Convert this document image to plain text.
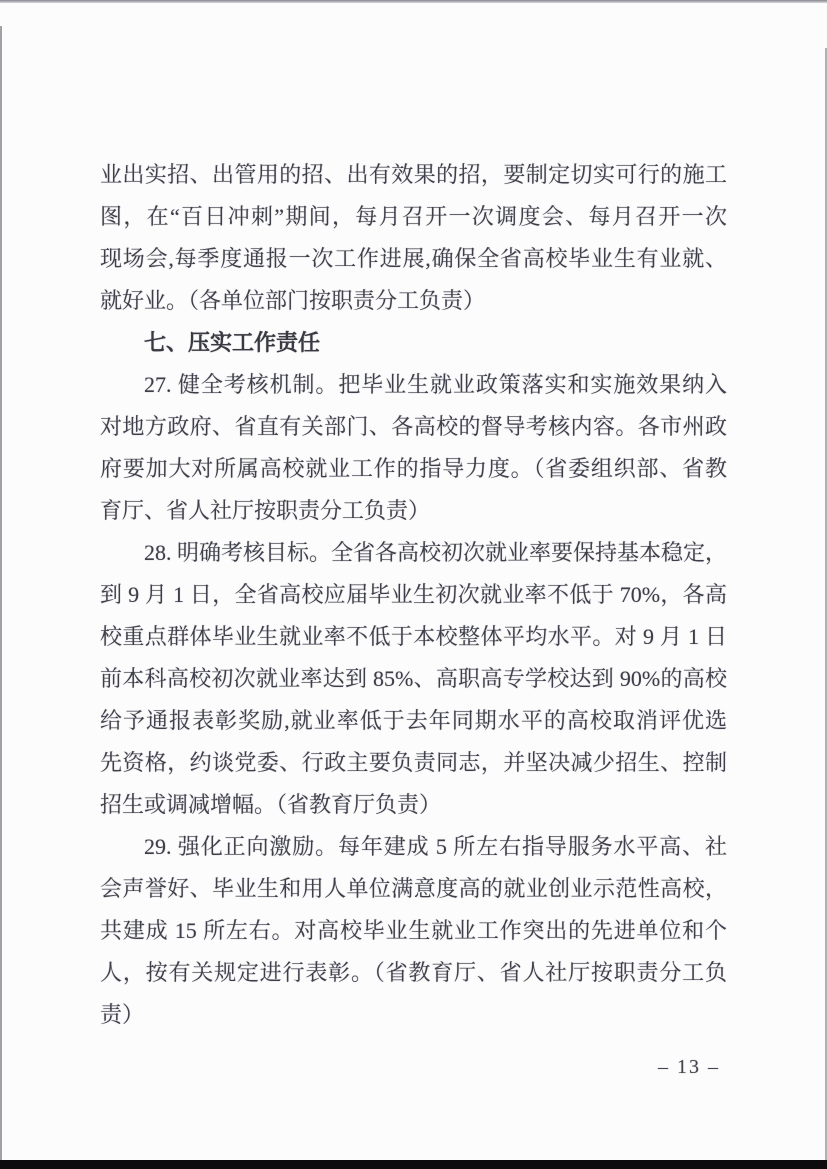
业出实招、出管用的招、出有效果的招，要制定切实可行的施工
图，在“百日冲刺”期间，每月召开一次调度会、每月召开一次
现场会,每季度通报一次工作进展,确保全省高校毕业生有业就、
就好业。（各单位部门按职责分工负责）
七、压实工作责任
27. 健全考核机制。把毕业生就业政策落实和实施效果纳入
对地方政府、省直有关部门、各高校的督导考核内容。各市州政
府要加大对所属高校就业工作的指导力度。（省委组织部、省教
育厅、省人社厅按职责分工负责）
28. 明确考核目标。全省各高校初次就业率要保持基本稳定，
到 9 月 1 日，全省高校应届毕业生初次就业率不低于 70%，各高
校重点群体毕业生就业率不低于本校整体平均水平。对 9 月 1 日
前本科高校初次就业率达到 85%、高职高专学校达到 90%的高校
给予通报表彰奖励,就业率低于去年同期水平的高校取消评优选
先资格，约谈党委、行政主要负责同志，并坚决减少招生、控制
招生或调减增幅。（省教育厅负责）
29. 强化正向激励。每年建成 5 所左右指导服务水平高、社
会声誉好、毕业生和用人单位满意度高的就业创业示范性高校，
共建成 15 所左右。对高校毕业生就业工作突出的先进单位和个
人，按有关规定进行表彰。（省教育厅、省人社厅按职责分工负
责）
– 13 –
